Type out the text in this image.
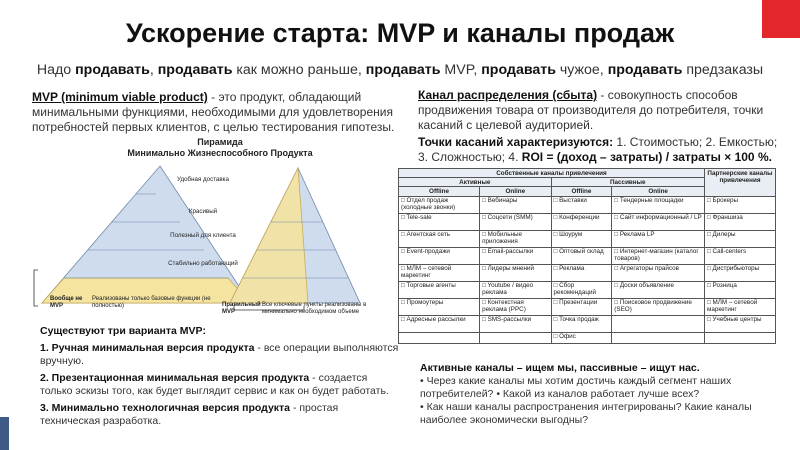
Ускорение старта: MVP и каналы продаж
Надо продавать, продавать как можно раньше, продавать MVP, продавать чужое, продавать предзаказы
MVP (minimum viable product) - это продукт, обладающий минимальными функциями, необходимыми для удовлетворения потребностей первых клиентов, с целью тестирования гипотезы.
Пирамида
Минимально Жизнеспособного Продукта
Удобная доставка
Красивый
Полезный для клиента
Стабильно работающий
Вообще не MVP
Реализованы только базовые функции (не полностью)	Правильный MVP
Все ключевые пункты реализованы в минимально необходимом объеме

Существуют три варианта MVP:

1. Ручная минимальная версия продукта - все операции выполняются вручную.

2. Презентационная минимальная версия продукта - создается только эскизы того, как будет выглядит сервис и как он будет работать.

3. Минимально технологичная версия продукта - простая техническая разработка.

Канал распределения (сбыта) - совокупность способов продвижения товара от производителя до потребителя, точки касаний с целевой аудиторией.

Точки касаний характеризуются: 1. Стоимостью; 2. Емкостью; 3. Сложностью; 4. ROI = (доход – затраты) / затраты × 100 %.

Собственные каналы привлечения				Партнерские каналы привлечения
Активные		Пассивные		
Offline	Online	Offline	Online	
□ Отдел продаж (холодные звонки)	□ Вебинары	□ Выставки	□ Тендерные площадки	□ Брокеры
□ Tele-sale	□ Соцсети (SMM)	□ Конференции	□ Сайт информационный / LP	□ Франшиза
□ Агентская сеть	□ Мобильные приложения	□ Шоурум	□ Реклама LP	□ Дилеры
□ Event-продажи	□ Email-рассылки	□ Оптовый склад	□ Интернет-магазин (каталог товаров)	□ Call-centers
□ МЛМ – сетевой маркетинг	□ Лидеры мнений	□ Реклама	□ Агрегаторы прайсов	□ Дистрибьюторы
□ Торговые агенты	□ Youtube / видео реклама	□ Сбор рекомендаций	□ Доски объявление	□ Розница
□ Промоутеры	□ Контекстная реклама (PPC)	□ Презентации	□ Поисковое продвижение (SEO)	□ МЛМ – сетевой маркетинг
□ Адресные рассылки	□ SMS-рассылки	□ Точка продаж		□ Учебные центры
		□ Офис		

Активные каналы – ищем мы, пассивные – ищут нас.

• Через какие каналы мы хотим достичь каждый сегмент наших потребителей? • Какой из каналов работает лучше всех?

• Как наши каналы распространения интегрированы? Какие каналы наиболее экономически выгодны?
